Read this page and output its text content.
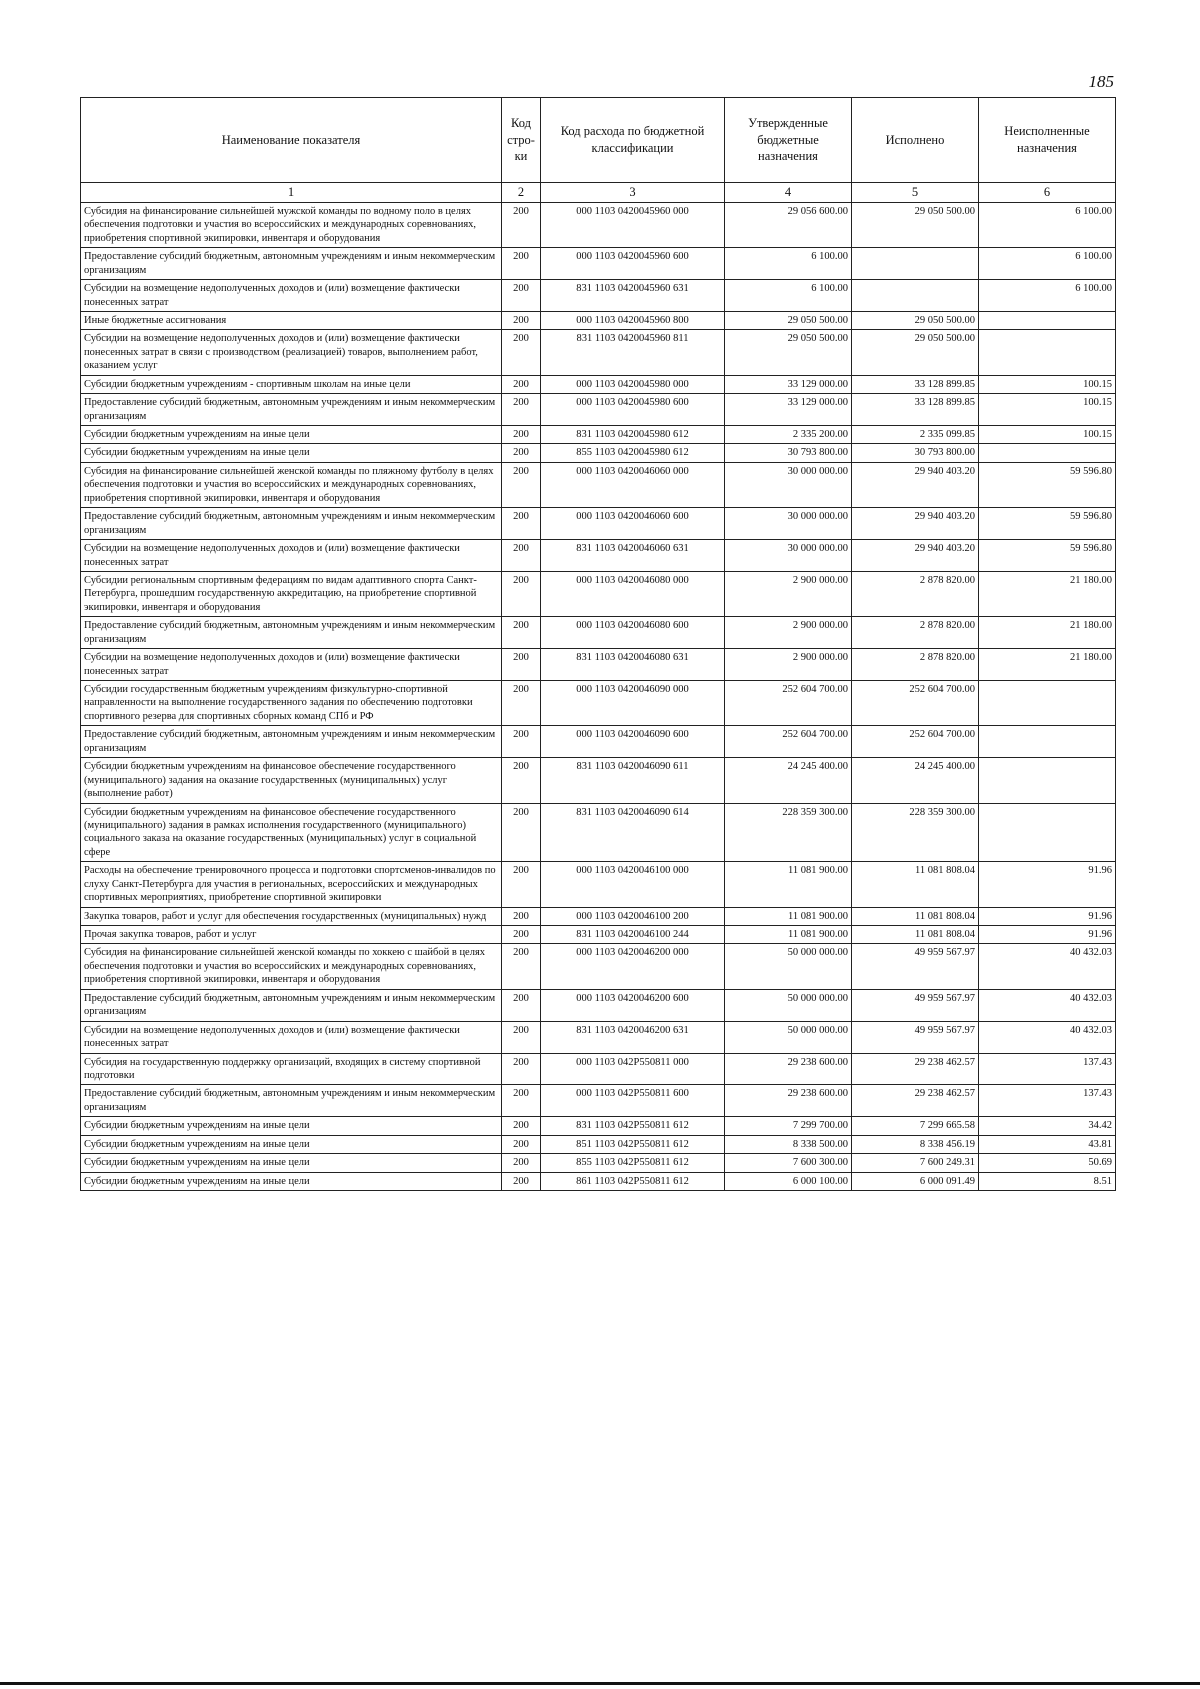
185
Наименование показателя	Код стро- ки	Код расхода по бюджетной классификации	Утвержденные бюджетные назначения	Исполнено	Неисполненные назначения
1	2	3	4	5	6
Субсидия на финансирование сильнейшей мужской команды по водному поло в целях обеспечения подготовки и участия во всероссийских и международных соревнованиях, приобретения спортивной экипировки, инвентаря и оборудования	200	000 1103 0420045960 000	29 056 600.00	29 050 500.00	6 100.00
Предоставление субсидий бюджетным, автономным учреждениям и иным некоммерческим организациям	200	000 1103 0420045960 600	6 100.00		6 100.00
Субсидии на возмещение недополученных доходов и (или) возмещение фактически понесенных затрат	200	831 1103 0420045960 631	6 100.00		6 100.00
Иные бюджетные ассигнования	200	000 1103 0420045960 800	29 050 500.00	29 050 500.00	
Субсидии на возмещение недополученных доходов и (или) возмещение фактически понесенных затрат в связи с производством (реализацией) товаров, выполнением работ, оказанием услуг	200	831 1103 0420045960 811	29 050 500.00	29 050 500.00	
Субсидии бюджетным учреждениям - спортивным школам на иные цели	200	000 1103 0420045980 000	33 129 000.00	33 128 899.85	100.15
Предоставление субсидий бюджетным, автономным учреждениям и иным некоммерческим организациям	200	000 1103 0420045980 600	33 129 000.00	33 128 899.85	100.15
Субсидии бюджетным учреждениям на иные цели	200	831 1103 0420045980 612	2 335 200.00	2 335 099.85	100.15
Субсидии бюджетным учреждениям на иные цели	200	855 1103 0420045980 612	30 793 800.00	30 793 800.00	
Субсидия на финансирование сильнейшей женской команды по пляжному футболу в целях обеспечения подготовки и участия во всероссийских и международных соревнованиях, приобретения спортивной экипировки, инвентаря и оборудования	200	000 1103 0420046060 000	30 000 000.00	29 940 403.20	59 596.80
Предоставление субсидий бюджетным, автономным учреждениям и иным некоммерческим организациям	200	000 1103 0420046060 600	30 000 000.00	29 940 403.20	59 596.80
Субсидии на возмещение недополученных доходов и (или) возмещение фактически понесенных затрат	200	831 1103 0420046060 631	30 000 000.00	29 940 403.20	59 596.80
Субсидии региональным спортивным федерациям по видам адаптивного спорта Санкт-Петербурга, прошедшим государственную аккредитацию, на приобретение спортивной экипировки, инвентаря и оборудования	200	000 1103 0420046080 000	2 900 000.00	2 878 820.00	21 180.00
Предоставление субсидий бюджетным, автономным учреждениям и иным некоммерческим организациям	200	000 1103 0420046080 600	2 900 000.00	2 878 820.00	21 180.00
Субсидии на возмещение недополученных доходов и (или) возмещение фактически понесенных затрат	200	831 1103 0420046080 631	2 900 000.00	2 878 820.00	21 180.00
Субсидии государственным бюджетным учреждениям физкультурно-спортивной направленности на выполнение государственного задания по обеспечению подготовки спортивного резерва для спортивных сборных команд СПб и РФ	200	000 1103 0420046090 000	252 604 700.00	252 604 700.00	
Предоставление субсидий бюджетным, автономным учреждениям и иным некоммерческим организациям	200	000 1103 0420046090 600	252 604 700.00	252 604 700.00	
Субсидии бюджетным учреждениям на финансовое обеспечение государственного (муниципального) задания на оказание государственных (муниципальных) услуг (выполнение работ)	200	831 1103 0420046090 611	24 245 400.00	24 245 400.00	
Субсидии бюджетным учреждениям на финансовое обеспечение государственного (муниципального) задания в рамках исполнения государственного (муниципального) социального заказа на оказание государственных (муниципальных) услуг в социальной сфере	200	831 1103 0420046090 614	228 359 300.00	228 359 300.00	
Расходы на обеспечение тренировочного процесса и подготовки спортсменов-инвалидов по слуху Санкт-Петербурга для участия в региональных, всероссийских и международных спортивных мероприятиях, приобретение спортивной экипировки	200	000 1103 0420046100 000	11 081 900.00	11 081 808.04	91.96
Закупка товаров, работ и услуг для обеспечения государственных (муниципальных) нужд	200	000 1103 0420046100 200	11 081 900.00	11 081 808.04	91.96
Прочая закупка товаров, работ и услуг	200	831 1103 0420046100 244	11 081 900.00	11 081 808.04	91.96
Субсидия на финансирование сильнейшей женской команды по хоккею с шайбой в целях обеспечения подготовки и участия во всероссийских и международных соревнованиях, приобретения спортивной экипировки, инвентаря и оборудования	200	000 1103 0420046200 000	50 000 000.00	49 959 567.97	40 432.03
Предоставление субсидий бюджетным, автономным учреждениям и иным некоммерческим организациям	200	000 1103 0420046200 600	50 000 000.00	49 959 567.97	40 432.03
Субсидии на возмещение недополученных доходов и (или) возмещение фактически понесенных затрат	200	831 1103 0420046200 631	50 000 000.00	49 959 567.97	40 432.03
Субсидия на государственную поддержку организаций, входящих в систему спортивной подготовки	200	000 1103 042P550811 000	29 238 600.00	29 238 462.57	137.43
Предоставление субсидий бюджетным, автономным учреждениям и иным некоммерческим организациям	200	000 1103 042P550811 600	29 238 600.00	29 238 462.57	137.43
Субсидии бюджетным учреждениям на иные цели	200	831 1103 042P550811 612	7 299 700.00	7 299 665.58	34.42
Субсидии бюджетным учреждениям на иные цели	200	851 1103 042P550811 612	8 338 500.00	8 338 456.19	43.81
Субсидии бюджетным учреждениям на иные цели	200	855 1103 042P550811 612	7 600 300.00	7 600 249.31	50.69
Субсидии бюджетным учреждениям на иные цели	200	861 1103 042P550811 612	6 000 100.00	6 000 091.49	8.51
